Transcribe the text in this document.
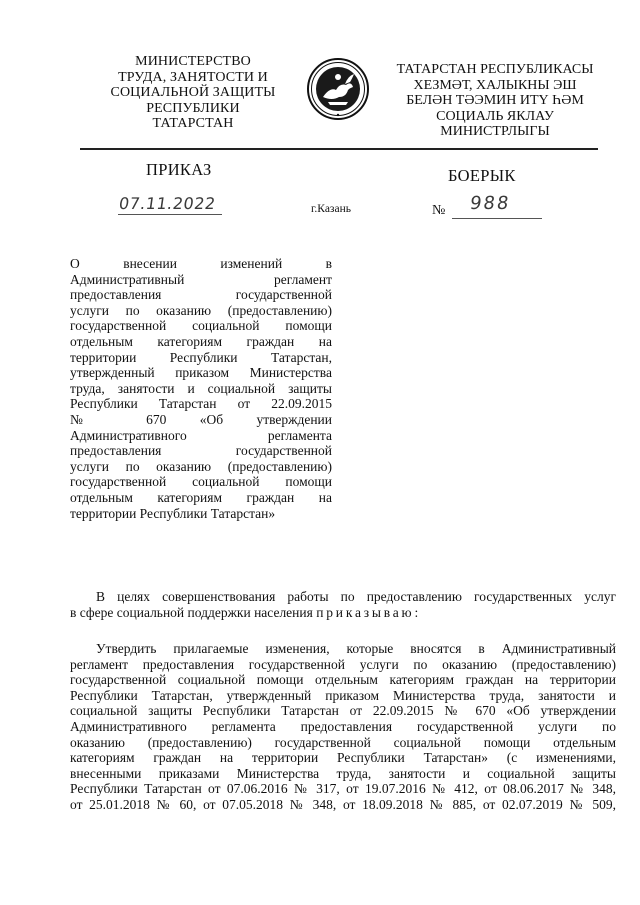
МИНИСТЕРСТВО
ТРУДА, ЗАНЯТОСТИ И
СОЦИАЛЬНОЙ ЗАЩИТЫ
РЕСПУБЛИКИ
ТАТАРСТАН
ТАТАРСТАН РЕСПУБЛИКАСЫ
ХЕЗМӘТ, ХАЛЫКНЫ ЭШ
БЕЛӘН ТӘЭМИН ИТҮ ҺӘМ
СОЦИАЛЬ ЯКЛАУ
МИНИСТРЛЫГЫ
ПРИКАЗ	БОЕРЫК
07.11.2022	г.Казань	№ 988
О внесении изменений в
Административный регламент
предоставления государственной
услуги по оказанию (предоставлению)
государственной социальной помощи
отдельным категориям граждан на
территории Республики Татарстан,
утвержденный приказом Министерства
труда, занятости и социальной защиты
Республики Татарстан от 22.09.2015
№ 670 «Об утверждении
Административного регламента
предоставления государственной
услуги по оказанию (предоставлению)
государственной социальной помощи
отдельным категориям граждан на
территории Республики Татарстан»
В целях совершенствования работы по предоставлению государственных услуг
в сфере социальной поддержки населения приказываю:
Утвердить прилагаемые изменения, которые вносятся в Административный
регламент предоставления государственной услуги по оказанию (предоставлению)
государственной социальной помощи отдельным категориям граждан на территории
Республики Татарстан, утвержденный приказом Министерства труда, занятости и
социальной защиты Республики Татарстан от 22.09.2015 № 670 «Об утверждении
Административного регламента предоставления государственной услуги по
оказанию (предоставлению) государственной социальной помощи отдельным
категориям граждан на территории Республики Татарстан» (с изменениями,
внесенными приказами Министерства труда, занятости и социальной защиты
Республики Татарстан от 07.06.2016 № 317, от 19.07.2016 № 412, от 08.06.2017 № 348,
от 25.01.2018 № 60, от 07.05.2018 № 348, от 18.09.2018 № 885, от 02.07.2019 № 509,
